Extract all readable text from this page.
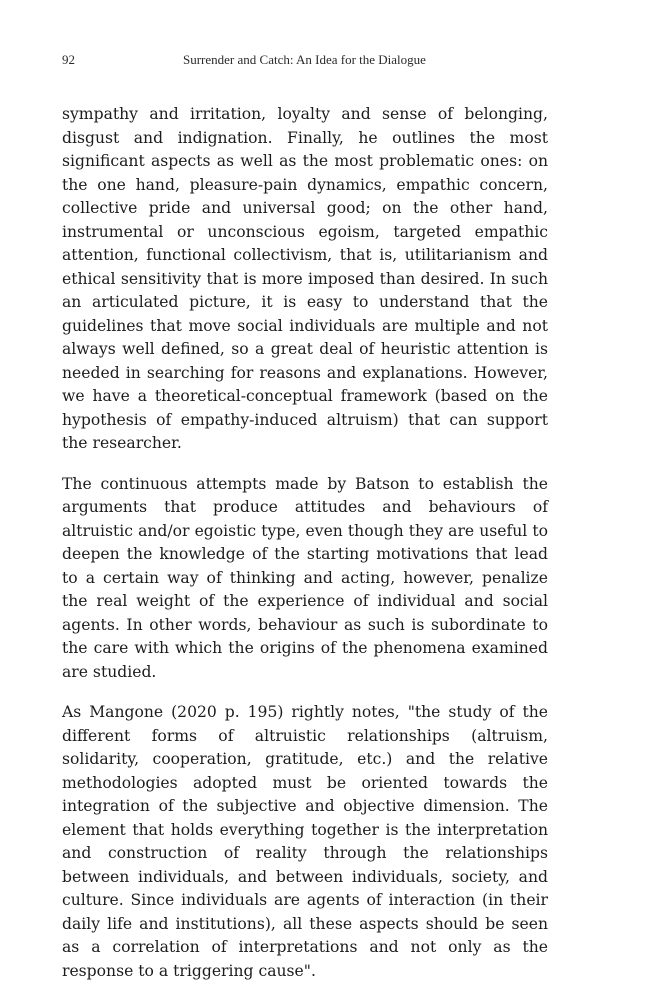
92	Surrender and Catch: An Idea for the Dialogue

sympathy and irritation, loyalty and sense of belonging, disgust and indignation. Finally, he outlines the most significant aspects as well as the most problematic ones: on the one hand, pleasure-pain dynamics, empathic concern, collective pride and universal good; on the other hand, instrumental or unconscious egoism, targeted empathic attention, functional collectivism, that is, utilitarianism and ethical sensitivity that is more imposed than desired. In such an articulated picture, it is easy to understand that the guidelines that move social individuals are multiple and not always well defined, so a great deal of heuristic attention is needed in searching for reasons and explanations. However, we have a theoretical-conceptual framework (based on the hypothesis of empathy-induced altruism) that can support the researcher.

The continuous attempts made by Batson to establish the arguments that produce attitudes and behaviours of altruistic and/or egoistic type, even though they are useful to deepen the knowledge of the starting motivations that lead to a certain way of thinking and acting, however, penalize the real weight of the experience of individual and social agents. In other words, behaviour as such is subordinate to the care with which the origins of the phenomena examined are studied.

As Mangone (2020 p. 195) rightly notes, "the study of the different forms of altruistic relationships (altruism, solidarity, cooperation, gratitude, etc.) and the relative methodologies adopted must be oriented towards the integration of the subjective and objective dimension. The element that holds everything together is the interpretation and construction of reality through the relationships between individuals, and between individuals, society, and culture. Since individuals are agents of interaction (in their daily life and institutions), all these aspects should be seen as a correlation of interpretations and not only as the response to a triggering cause".
